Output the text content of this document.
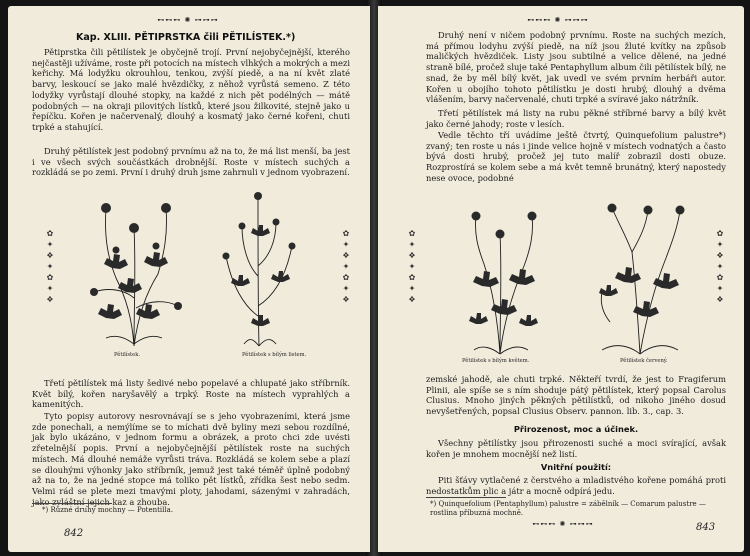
⊷⊷⊷ ✺ ⊶⊶⊶
Kap. XLIII. PĚTIPRSTKA čili PĚTILÍSTEK.*)

Pětiprstka čili pětilístek je obyčejně trojí. První nejobyčejnější, kterého nejčastěji užíváme, roste při potocích na místech vlhkých a mokrých a mezi keřichy. Má lodyžku okrouhlou, tenkou, zvýší piedě, a na ní květ zlaté barvy, leskoucí se jako malé hvězdičky, z něhož vyrůstá semeno. Z této lodyžky vyrůstají dlouhé stopky, na každé z nich pět podélných — mátě podobných — na okraji pilovitých lístků, které jsou žilkovité, stejně jako u řepíčku. Kořen je načervenalý, dlouhý a kosmatý jako černé kořeni, chuti trpké a stahující.

Druhý pětilístek jest podobný prvnímu až na to, že má list menší, ba jest i ve všech svých součástkách drobnější. Roste v místech suchých a rozkládá se po zemi. První i druhý druh jsme zahrnuli v jednom vyobrazení.

Pětilístek.	Pětilístek s bílým listem.

Třetí pětilístek má listy šedivé nebo popelavé a chlupaté jako stříbrník. Květ bílý, kořen naryšavělý a trpký. Roste na místech vyprahlých a kamenitých.

Tyto popisy autorovy nesrovnávají se s jeho vyobrazeními, která jsme zde ponechali, a nemýlíme se to míchati dvě byliny mezi sebou rozdílné, jak bylo ukázáno, v jednom formu a obrázek, a proto chci zde uvésti zřetelnější popis. První a nejobyčejnější pětilístek roste na suchých místech. Má dlouhé nemáže vyrůsti tráva. Rozkládá se kolem sebe a plazí se dlouhými výhonky jako stříbrník, jemuž jest také téměř úplně podobný až na to, že na jedné stopce má toliko pět lístků, zřídka šest nebo sedm. Velmi rád se plete mezi tmavými ploty, jahodami, sázenými v zahradách, jako zvláštní jejich kaz a zhouba.

*) Různé druhy mochny — Potentilla.

842
✿ ✦ ❖ ✦ ✿ ✦ ❖
✿ ✦ ❖ ✦ ✿ ✦ ❖
⊷⊷⊷ ✺ ⊶⊶⊶

Druhý není v ničem podobný prvnímu. Roste na suchých mezích, má přímou lodyhu zvýší piedě, na níž jsou žluté kvítky na způsob maličkých hvězdiček. Listy jsou subtilné a velice dělené, na jedné straně bílé, pročež sluje také Pentaphyllum album čili pětilístek bílý, ne snad, že by měl bílý květ, jak uvedl ve svém prvním herbáři autor. Kořen u obojího tohoto pětilístku je dosti hrubý, dlouhý a dvěma vlášením, barvy načervenalé, chuti trpké a svíravé jako nátržník.

Třetí pětilístek má listy na rubu pěkné stříbrné barvy a bílý květ jako černé jahody; roste v lesích.

Vedle těchto tří uvádíme ještě čtvrtý, Quinquefolium palustre*) zvaný; ten roste u nás i jinde velice hojně v místech vodnatých a často bývá dosti hrubý, pročež jej tuto malíř zobrazil dosti obuze. Rozprostírá se kolem sebe a má květ temně brunátný, který napostedy nese ovoce, podobné

Pětilístek s bílým květem.	Pětilístek červený.

zemské jahodě, ale chuti trpké. Někteří tvrdí, že jest to Fragiferum Plinii, ale spíše se s ním shoduje pátý pětilístek, který popsal Carolus Clusius. Mnoho jiných pěkných pětilístků, od nikoho jiného dosud nevyšetřených, popsal Clusius Observ. pannon. lib. 3., cap. 3.

Přirozenost, moc a účinek.

Všechny pětilístky jsou přirozenosti suché a moci svírající, avšak kořen je mnohem mocnější než listí.

Vnitřní použití:

Piti šťávy vytlačené z čerstvého a mladistvého kořene pomáhá proti nedostatkům plic a játr a mocně odpírá jedu.

*) Quinquefolium (Pentaphyllum) palustre = zábělník — Comarum palustre — rostlina příbuzná mochně.

⊷⊷⊷ ✺ ⊶⊶⊶	843
✿ ✦ ❖ ✦ ✿ ✦ ❖
✿ ✦ ❖ ✦ ✿ ✦ ❖
